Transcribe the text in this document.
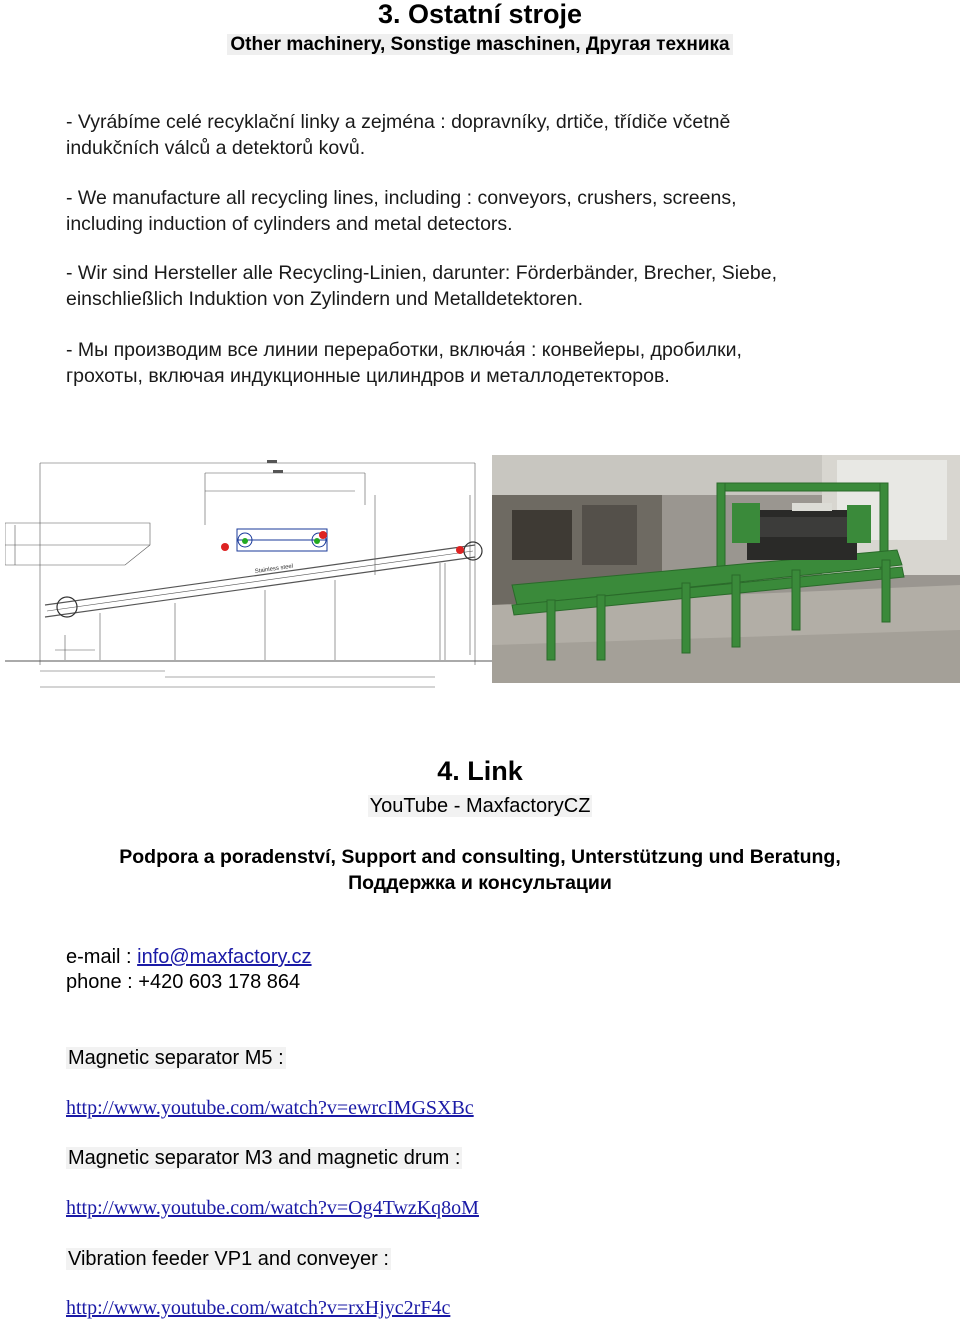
3. Ostatní stroje
Other machinery, Sonstige maschinen, Другая техника
- Vyrábíme celé recyklační linky a zejména : dopravníky, drtiče, třídiče včetně
indukčních válců a detektorů kovů.
- We manufacture all recycling lines, including : conveyors, crushers, screens,
including induction of cylinders and metal detectors.
- Wir sind Hersteller alle Recycling-Linien, darunter: Förderbänder, Brecher, Siebe,
einschließlich Induktion von Zylindern und Metalldetektoren.
- Мы производим все линии переработки, включа́я : конвейеры, дробилки,
грохоты, включая индукционные цилиндров и металлодетекторов.
Stainless steel
4. Link
YouTube - MaxfactoryCZ
Podpora a poradenství, Support and consulting, Unterstützung und Beratung,
Поддержка и консультации
e-mail : info@maxfactory.cz
phone : +420 603 178 864
Magnetic separator M5 :
http://www.youtube.com/watch?v=ewrcIMGSXBc
Magnetic separator M3 and magnetic drum :
http://www.youtube.com/watch?v=Og4TwzKq8oM
Vibration feeder VP1 and conveyer :
http://www.youtube.com/watch?v=rxHjyc2rF4c
